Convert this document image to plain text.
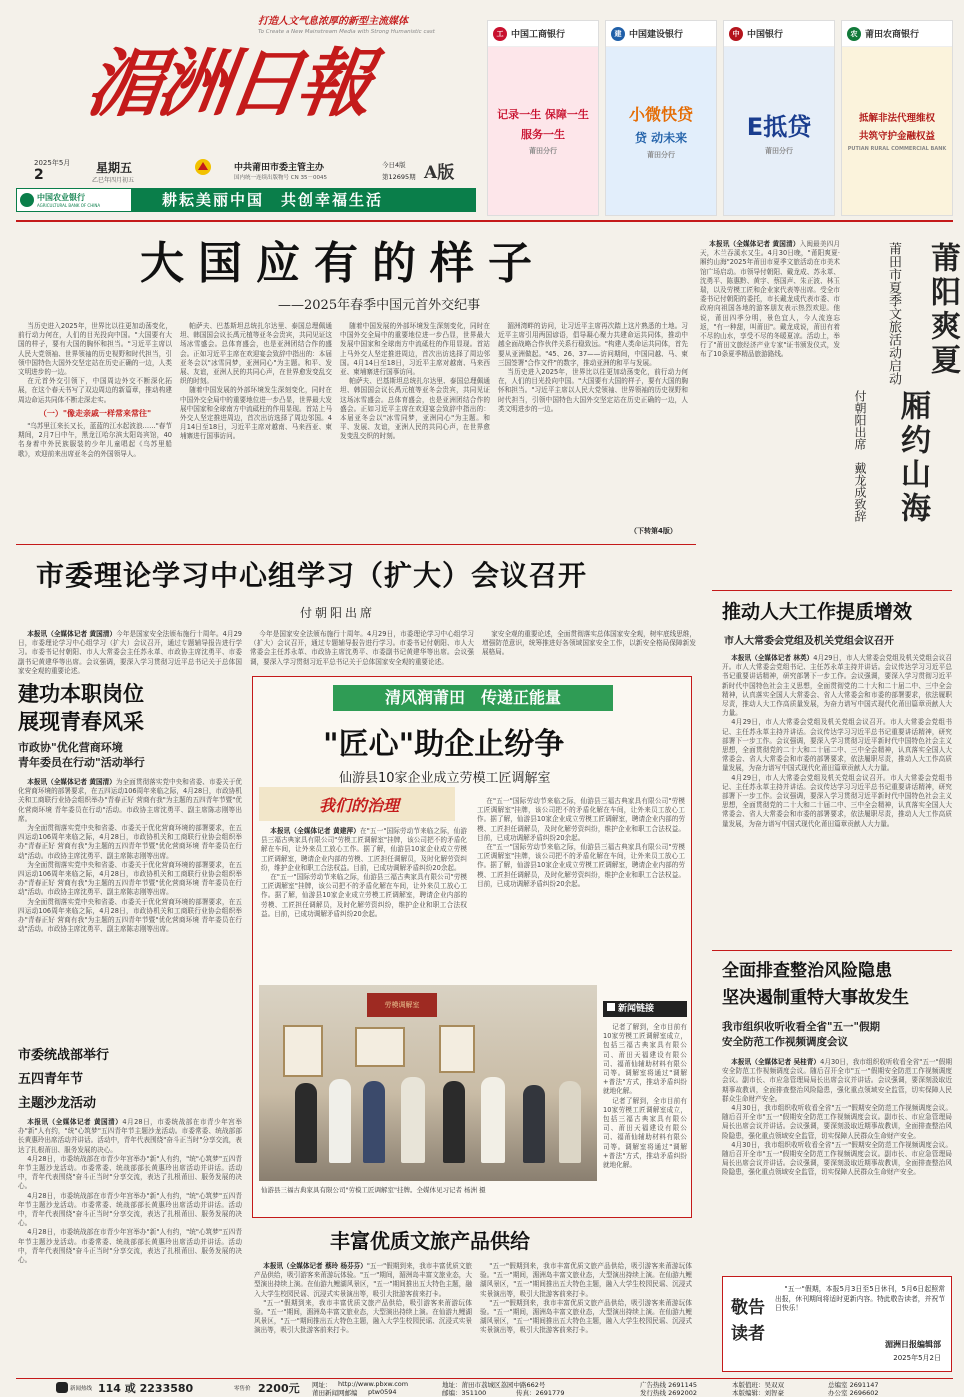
打造人文气息浓厚的新型主流媒体
To Create a New Mainstream Media with Strong Humanistic cast
湄洲日報
2025年5月
2	星期五
乙巳年四月初五
中共莆田市委主管主办
国内统一连续出版物号 CN 35－0045
今日4版
第12695期 A版
中国农业银行
AGRICULTURAL BANK OF CHINA	耕耘美丽中国　共创幸福生活
工 中国工商银行
记录一生 保障一生
服务一生
莆田分行
建 中国建设银行
小微快贷
贷 动未来
莆田分行
中 中国银行
E抵贷
莆田分行
农 莆田农商银行
抵解非法代理维权
共筑守护金融权益
PUTIAN RURAL COMMERCIAL BANK
大国应有的样子
——2025年春季中国元首外交纪事

当历史进入2025年，世界比以往更加动荡变化，前行动力何在，人们的目光投向中国。"大国要有大国的样子，要有大国的胸怀和担当。"习近平主席以人民大党领袖、世界领袖的历史视野和时代担当，引领中国特色大国外交坚定站在历史正确的一边，人类文明进步的一边。

在元首外交引领下，中国周边外交不断深化拓展，在这个春天书写了双边周边的新篇章，推动构建周边命运共同体不断走深走实。

（一）"像走亲戚一样常来常往"

"乌苏里江来长又长，蓝蓝的江水起波浪……"春节期间，2月7日中午，黑龙江哈尔滨太阳岛宾馆，40名身着中外民族服装的少年儿童唱起《乌苏里船歌》，欢迎前来出席亚冬会的外国领导人。

帕萨夫、巴基斯坦总统扎尔达里、泰国总理佩通坦、韩国国会议长禹元植等亚冬会贵宾，共同见证这场冰雪盛会。总体育盛会，也是亚洲团结合作的盛会。正如习近平主席在欢迎宴会致辞中指出的：本届亚冬会以"冰雪同梦，亚洲同心"为主题。和平、发展、友谊，亚洲人民的共同心声，在世界愈发变乱交织的时刻。

随着中国发展的外部环境发生深刻变化，同时在中国外交全局中的重要地位进一步凸显，世界最大发展中国家和全球南方中流砥柱的作用显现。首站上马外交人坚定推进周边，首次出访选择了周边邻国。4月14日至18日，习近平主席对越南、马来西亚、柬埔寨进行国事访问。

随着中国发展的外部环境发生深刻变化，同时在中国外交全局中的重要地位进一步凸显，世界最大发展中国家和全球南方中流砥柱的作用显现。首站上马外交人坚定推进周边，首次出访选择了周边邻国。4月14日至18日，习近平主席对越南、马来西亚、柬埔寨进行国事访问。

帕萨夫、巴基斯坦总统扎尔达里、泰国总理佩通坦、韩国国会议长禹元植等亚冬会贵宾，共同见证这场冰雪盛会。总体育盛会，也是亚洲团结合作的盛会。正如习近平主席在欢迎宴会致辞中指出的：本届亚冬会以"冰雪同梦，亚洲同心"为主题。和平、发展、友谊，亚洲人民的共同心声，在世界愈发变乱交织的时刻。

湄洲湾畔的访问，让习近平主席再次踏上这片熟悉的土地。习近平主席引用两国谚语，倡导凝心聚力共建命运共同体，推动中越全面战略合作伙伴关系行稳致远。"构建人类命运共同体，首先要从亚洲做起。"45、26、37——访问期间，中国同越、马、柬三国签署"合作文件"的数字，推动亚洲的和平与发展。

当历史进入2025年，世界比以往更加动荡变化，前行动力何在，人们的目光投向中国。"大国要有大国的样子，要有大国的胸怀和担当。"习近平主席以人民大党领袖、世界领袖的历史视野和时代担当，引领中国特色大国外交坚定站在历史正确的一边，人类文明进步的一边。

（下转第4版）

本报讯（全媒体记者 黄国清）入闽最美四月天，木兰吞溪水又生。4月30日晚，"莆阳爽夏·厢约山海"2025年莆田市夏季文旅活动在市美术馆广场启动。市领导付朝阳、戴龙成、苏永革、沈勇平、陈惠黔、黄宇、蔡国声、朱正波、林玉瑞，以及劳模工匠和企业家代表等出席。受全市委书记付朝阳的委托，市长戴龙成代表市委、市政府向祖国各地的游客朋友表示热烈欢迎。他说，莆田四季分明，景色宜人，今人流连忘返，"有一种甜，叫莆田"。戴龙成说，莆田有着不尽的山水，享受不尽的冬暖夏凉。活动上，举行了"莆田文旅经济产业专家"证书颁发仪式，发布了10条夏季精品旅游路线。	莆阳爽夏
厢约山海
莆田市夏季文旅活动启动
付朝阳出席　戴龙成致辞
市委理论学习中心组学习（扩大）会议召开
付朝阳出席

本报讯（全媒体记者 黄国清）今年是国家安全法颁布施行十周年。4月29日，市委理论学习中心组学习（扩大）会议召开，通过专题辅导报告进行学习。市委书记付朝阳、市人大常委会主任苏永革、市政协主席沈勇平、市委副书记黄建华等出席。会议强调，要深入学习贯彻习近平总书记关于总体国家安全观的重要论述。

今年是国家安全法颁布施行十周年。4月29日，市委理论学习中心组学习（扩大）会议召开，通过专题辅导报告进行学习。市委书记付朝阳、市人大常委会主任苏永革、市政协主席沈勇平、市委副书记黄建华等出席。会议强调，要深入学习贯彻习近平总书记关于总体国家安全观的重要论述。

家安全观的重要论述，全面贯彻落实总体国家安全观，树牢底线思维，增强防范意识，统筹推进好各领域国家安全工作，以新安全格局保障新发展格局。

推动人大工作提质增效
市人大常委会党组及机关党组会议召开

本报讯（全媒体记者 林英）4月29日，市人大常委会党组及机关党组会议召开。市人大常委会党组书记、主任苏永革主持并讲话。会议传达学习习近平总书记重要讲话精神，研究部署下一步工作。会议强调，要深入学习贯彻习近平新时代中国特色社会主义思想，全面贯彻党的二十大和二十届二中、三中全会精神，认真落实全国人大常委会、省人大常委会和市委的部署要求，依法履职尽责，推动人大工作高质量发展，为奋力谱写中国式现代化莆田篇章贡献人大力量。

4月29日，市人大常委会党组及机关党组会议召开。市人大常委会党组书记、主任苏永革主持并讲话。会议传达学习习近平总书记重要讲话精神，研究部署下一步工作。会议强调，要深入学习贯彻习近平新时代中国特色社会主义思想，全面贯彻党的二十大和二十届二中、三中全会精神，认真落实全国人大常委会、省人大常委会和市委的部署要求，依法履职尽责，推动人大工作高质量发展，为奋力谱写中国式现代化莆田篇章贡献人大力量。

4月29日，市人大常委会党组及机关党组会议召开。市人大常委会党组书记、主任苏永革主持并讲话。会议传达学习习近平总书记重要讲话精神，研究部署下一步工作。会议强调，要深入学习贯彻习近平新时代中国特色社会主义思想，全面贯彻党的二十大和二十届二中、三中全会精神，认真落实全国人大常委会、省人大常委会和市委的部署要求，依法履职尽责，推动人大工作高质量发展，为奋力谱写中国式现代化莆田篇章贡献人大力量。

建功本职岗位
展现青春风采
市政协"优化营商环境
青年委员在行动"活动举行

本报讯（全媒体记者 黄国清）为全面贯彻落实党中央和省委、市委关于优化营商环境的部署要求，在五四运动106周年来临之际，4月28日，市政协机关和工商联行业协会组织举办"青春正好 营商有我"为主题的五四青年节暨"优化营商环境 青年委员在行动"活动。市政协主席沈勇平、副主席陈志刚等出席。

为全面贯彻落实党中央和省委、市委关于优化营商环境的部署要求，在五四运动106周年来临之际，4月28日，市政协机关和工商联行业协会组织举办"青春正好 营商有我"为主题的五四青年节暨"优化营商环境 青年委员在行动"活动。市政协主席沈勇平、副主席陈志刚等出席。

为全面贯彻落实党中央和省委、市委关于优化营商环境的部署要求，在五四运动106周年来临之际，4月28日，市政协机关和工商联行业协会组织举办"青春正好 营商有我"为主题的五四青年节暨"优化营商环境 青年委员在行动"活动。市政协主席沈勇平、副主席陈志刚等出席。

为全面贯彻落实党中央和省委、市委关于优化营商环境的部署要求，在五四运动106周年来临之际，4月28日，市政协机关和工商联行业协会组织举办"青春正好 营商有我"为主题的五四青年节暨"优化营商环境 青年委员在行动"活动。市政协主席沈勇平、副主席陈志刚等出席。

市委统战部举行
五四青年节
主题沙龙活动

本报讯（全媒体记者 黄国清）4月28日，市委统战部在市青少年宫举办"新"人有约，"统"心筑梦"五四青年节主题沙龙活动。市委常委、统战部部长黄惠玲出席活动并讲话。活动中，青年代表围绕"奋斗正当时"分享交流，表达了扎根莆田、服务发展的决心。

4月28日，市委统战部在市青少年宫举办"新"人有约，"统"心筑梦"五四青年节主题沙龙活动。市委常委、统战部部长黄惠玲出席活动并讲话。活动中，青年代表围绕"奋斗正当时"分享交流，表达了扎根莆田、服务发展的决心。

4月28日，市委统战部在市青少年宫举办"新"人有约，"统"心筑梦"五四青年节主题沙龙活动。市委常委、统战部部长黄惠玲出席活动并讲话。活动中，青年代表围绕"奋斗正当时"分享交流，表达了扎根莆田、服务发展的决心。

4月28日，市委统战部在市青少年宫举办"新"人有约，"统"心筑梦"五四青年节主题沙龙活动。市委常委、统战部部长黄惠玲出席活动并讲话。活动中，青年代表围绕"奋斗正当时"分享交流，表达了扎根莆田、服务发展的决心。

清风润莆田　传递正能量
"匠心"助企止纷争
仙游县10家企业成立劳模工匠调解室
我们的治理

本报讯（全媒体记者 黄建萍）在"五一"国际劳动节来临之际，仙游县三福古典家具有限公司"劳模工匠调解室"挂牌，该公司把不的矛盾化解在车间，让外来员工放心工作。据了解，仙游县10家企业成立劳模工匠调解室，聘请企业内部的劳模、工匠担任调解员，及时化解劳资纠纷，维护企业和职工合法权益。目前，已成功调解矛盾纠纷20余起。

在"五一"国际劳动节来临之际，仙游县三福古典家具有限公司"劳模工匠调解室"挂牌，该公司把不的矛盾化解在车间，让外来员工放心工作。据了解，仙游县10家企业成立劳模工匠调解室，聘请企业内部的劳模、工匠担任调解员，及时化解劳资纠纷，维护企业和职工合法权益。目前，已成功调解矛盾纠纷20余起。

在"五一"国际劳动节来临之际，仙游县三福古典家具有限公司"劳模工匠调解室"挂牌，该公司把不的矛盾化解在车间，让外来员工放心工作。据了解，仙游县10家企业成立劳模工匠调解室，聘请企业内部的劳模、工匠担任调解员，及时化解劳资纠纷，维护企业和职工合法权益。目前，已成功调解矛盾纠纷20余起。

在"五一"国际劳动节来临之际，仙游县三福古典家具有限公司"劳模工匠调解室"挂牌，该公司把不的矛盾化解在车间，让外来员工放心工作。据了解，仙游县10家企业成立劳模工匠调解室，聘请企业内部的劳模、工匠担任调解员，及时化解劳资纠纷，维护企业和职工合法权益。目前，已成功调解矛盾纠纷20余起。

劳模调解室
仙游县三福古典家具有限公司"劳模工匠调解室"挂牌。全媒体见习记者 杨洲 摄
新闻链接

记者了解到，全市目前有10家劳模工匠调解室成立，包括三福古典家具有限公司、莆田天福建设有限公司、福莆仙辅助材料有限公司等。调解室将通过"调解+普法"方式，推动矛盾纠纷就地化解。

记者了解到，全市目前有10家劳模工匠调解室成立，包括三福古典家具有限公司、莆田天福建设有限公司、福莆仙辅助材料有限公司等。调解室将通过"调解+普法"方式，推动矛盾纠纷就地化解。

丰富优质文旅产品供给

本报讯（全媒体记者 蔡玲 杨芬芬）"五一"假期到来，我市丰富优质文旅产品供给，吸引游客来莆游玩体验。"五一"期间，湄洲岛丰富文旅业态，大型演出持续上演。在仙游九鲤湖风景区，"五一"期间推出五大特色主题，融入大学生校园民谣、沉浸式实景演出等，吸引大批游客前来打卡。

"五一"假期到来，我市丰富优质文旅产品供给，吸引游客来莆游玩体验。"五一"期间，湄洲岛丰富文旅业态，大型演出持续上演。在仙游九鲤湖风景区，"五一"期间推出五大特色主题，融入大学生校园民谣、沉浸式实景演出等，吸引大批游客前来打卡。

"五一"假期到来，我市丰富优质文旅产品供给，吸引游客来莆游玩体验。"五一"期间，湄洲岛丰富文旅业态，大型演出持续上演。在仙游九鲤湖风景区，"五一"期间推出五大特色主题，融入大学生校园民谣、沉浸式实景演出等，吸引大批游客前来打卡。

"五一"假期到来，我市丰富优质文旅产品供给，吸引游客来莆游玩体验。"五一"期间，湄洲岛丰富文旅业态，大型演出持续上演。在仙游九鲤湖风景区，"五一"期间推出五大特色主题，融入大学生校园民谣、沉浸式实景演出等，吸引大批游客前来打卡。

全面排查整治风险隐患
坚决遏制重特大事故发生
我市组织收听收看全省"五一"假期
安全防范工作视频调度会议

本报讯（全媒体记者 吴桂青）4月30日，我市组织收听收看全省"五一"假期安全防范工作视频调度会议。随后召开全市"五一"假期安全防范工作视频调度会议。副市长、市应急管理局局长出席会议并讲话。会议强调，要深刻汲取近期事故教训，全面排查整治风险隐患，强化重点领域安全监管，切实保障人民群众生命财产安全。

4月30日，我市组织收听收看全省"五一"假期安全防范工作视频调度会议。随后召开全市"五一"假期安全防范工作视频调度会议。副市长、市应急管理局局长出席会议并讲话。会议强调，要深刻汲取近期事故教训，全面排查整治风险隐患，强化重点领域安全监管，切实保障人民群众生命财产安全。

4月30日，我市组织收听收看全省"五一"假期安全防范工作视频调度会议。随后召开全市"五一"假期安全防范工作视频调度会议。副市长、市应急管理局局长出席会议并讲话。会议强调，要深刻汲取近期事故教训，全面排查整治风险隐患，强化重点领域安全监管，切实保障人民群众生命财产安全。

敬告读者

"五一"假期，本报5月3日至5日休刊，5月6日起照常出报，休刊期间将适时更新内容。特此敬告读者，并祝节日快乐！

湄洲日报编辑部
2025年5月2日
新闻热线 114 或 2233580	零售价 2200元 网址： http://www.pbxw.com
莆田新闻网邮编 ptw0594
地址：莆田市荔城区荔园中路662号
邮编：351100	传真：2691779
广告热线 2691145
发行热线 2692002
本版值班：吴双双
本版编辑：刘智豪
总编室 2691147
办公室 2696602
